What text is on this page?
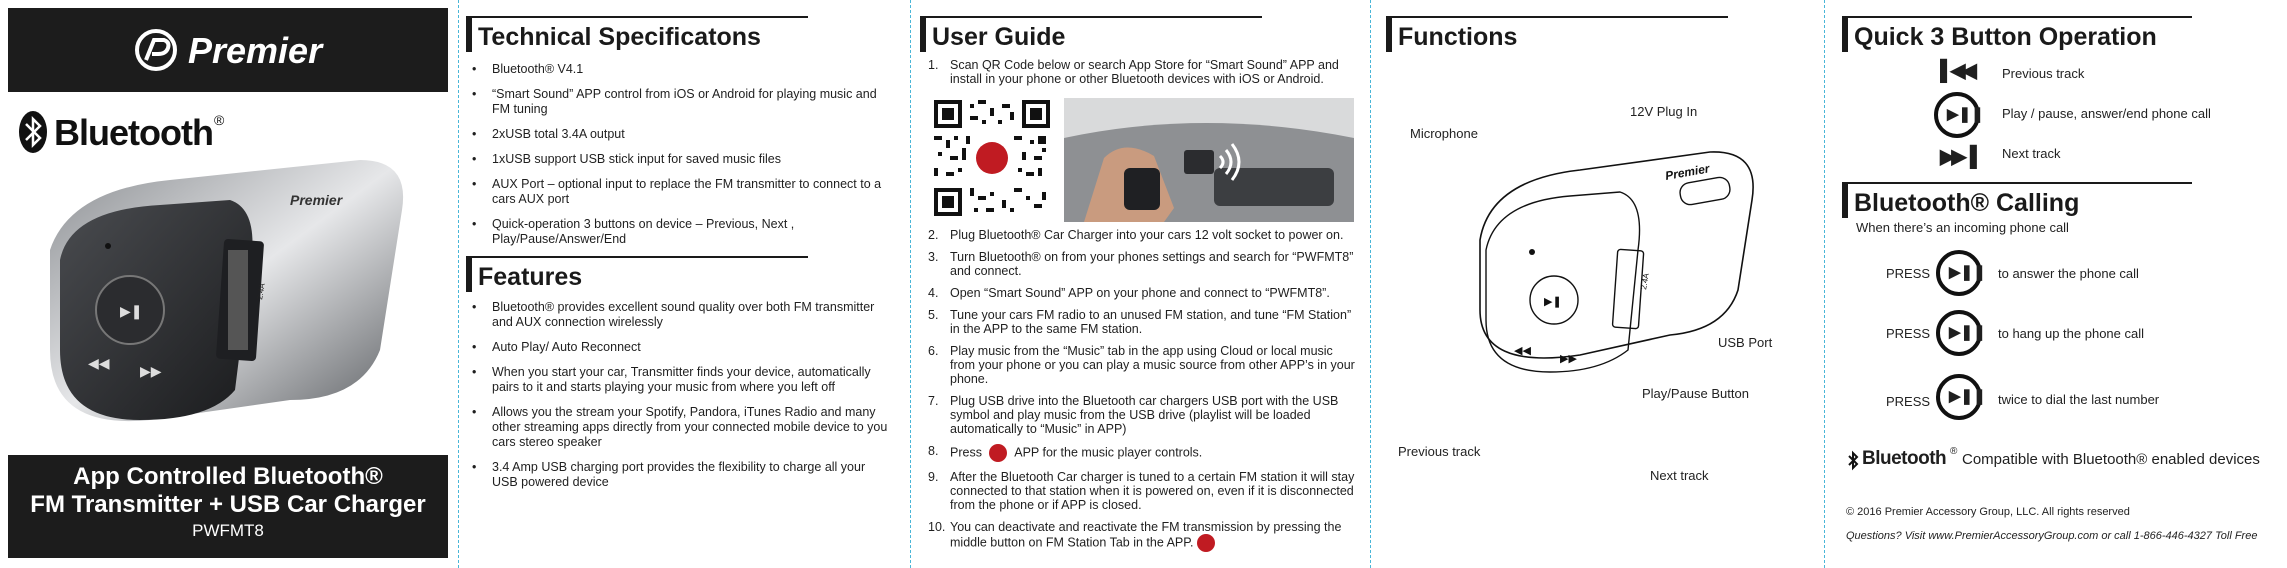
Premier
Bluetooth ®
2.4A
▶❚
◀◀ ▶▶
Premier
App Controlled Bluetooth®
FM Transmitter + USB Car Charger
PWFMT8
Technical Specificatons
• Bluetooth® V4.1
• “Smart Sound” APP control from iOS or Android for playing music and FM tuning
• 2xUSB total 3.4A output
• 1xUSB support USB stick input for saved music files
• AUX Port – optional input to replace the FM transmitter to connect to a cars AUX port
• Quick-operation 3 buttons on device – Previous, Next , Play/Pause/Answer/End
Features
• Bluetooth® provides excellent sound quality over both FM transmitter and AUX connection wirelessly
• Auto Play/ Auto Reconnect
• When you start your car, Transmitter finds your device, automatically pairs to it and starts playing your music from where you left off
• Allows you the stream your Spotify, Pandora, iTunes Radio and many other streaming apps directly from your connected mobile device to you cars stereo speaker
• 3.4 Amp USB charging port provides the flexibility to charge all your USB powered device
User Guide
1. Scan QR Code below or search App Store for “Smart Sound” APP and install in your phone or other Bluetooth devices with iOS or Android.
2. Plug Bluetooth® Car Charger into your cars 12 volt socket to power on.
3. Turn Bluetooth® on from your phones settings and search for “PWFMT8” and connect.
4. Open “Smart Sound” APP on your phone and connect to “PWFMT8”.
5. Tune your cars FM radio to an unused FM station, and tune “FM Station” in the APP to the same FM station.
6. Play music from the “Music” tab in the app using Cloud or local music from your phone or you can play a music source from other APP’s in your phone.
7. Plug USB drive into the Bluetooth car chargers USB port with the USB symbol and play music from the USB drive (playlist will be loaded automatically to “Music” in APP)
8. Press	APP for the music player controls.
9. After the Bluetooth Car charger is tuned to a certain FM station it will stay connected to that station when it is powered on, even if it is disconnected from the phone or if APP is closed.
10. You can deactivate and reactivate the FM transmission by pressing the middle button on FM Station Tab in the APP.
Functions
12V Plug In
Microphone
USB Port
Play/Pause Button
Previous track
Next track
2.4A
▶❚
◀◀
▶▶
Premier
Quick 3 Button Operation
▌◀◀ Previous track
▶❚❚ Play / pause, answer/end phone call
▶▶▐ Next track
Bluetooth® Calling
When there’s an incoming phone call
PRESS ▶❚❚ to answer the phone call
PRESS ▶❚❚ to hang up the phone call
PRESS ▶❚❚ twice to dial the last number
Bluetooth ® Compatible with Bluetooth® enabled devices
© 2016 Premier Accessory Group, LLC. All rights reserved
Questions? Visit www.PremierAccessoryGroup.com or call 1-866-446-4327 Toll Free
